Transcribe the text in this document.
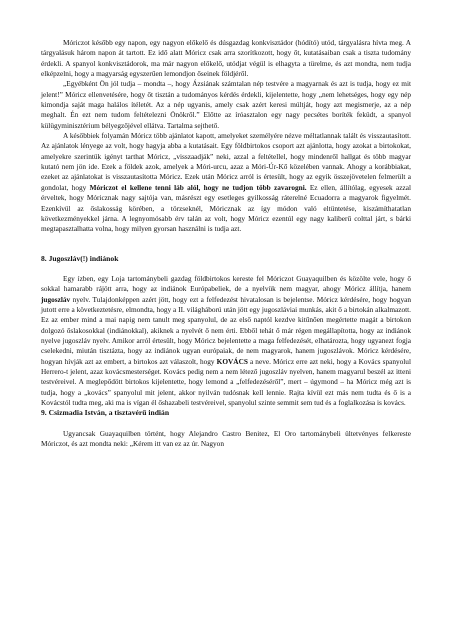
Móriczot később egy napon, egy nagyon előkelő és dúsgazdag konkvisztádor (hódító) utód, tárgyalásra hívta meg. A tárgyalásuk három napon át tartott. Ez idő alatt Móricz csak arra szorítkozott, hogy őt, kutatásaiban csak a tiszta tudomány érdekli. A spanyol konkvisztádorok, ma már nagyon előkelő, utódjat végül is elhagyta a türelme, és azt mondta, nem tudja elképzelni, hogy a magyarság egyszerűen lemondjon őseinek földjéről.

„Egyébként Ön jól tudja – mondta –, hogy Ázsiának számtalan nép testvére a magyarnak és azt is tudja, hogy ez mit jelent!” Móricz ellenvetésére, hogy őt tisztán a tudományos kérdés érdekli, kijelentette, hogy „nem lehetséges, hogy egy nép kimondja saját maga halálos ítéletét. Az a nép ugyanis, amely csak azért keresi múltját, hogy azt megismerje, az a nép meghalt. Én ezt nem tudom feltételezni Önökről.” Előtte az íróasztalon egy nagy pecsétes boríték feküdt, a spanyol külügyminisztérium bélyegzőjével ellátva. Tartalma sejthető.

A későbbiek folyamán Móricz több ajánlatot kapott, amelyeket személyére nézve méltatlannak talált és visszautasított. Az ajánlatok lényege az volt, hogy hagyja abba a kutatásait. Egy földbirtokos csoport azt ajánlotta, hogy azokat a birtokokat, amelyekre szerintük igényt tarthat Móricz, „visszaadják” neki, azzal a feltétellel, hogy mindenről hallgat és több magyar kutató nem jön ide. Ezek a földek azok, amelyek a Móri-urcu, azaz a Móri-Úr-Kő közelében vannak. Ahogy a korábbiakat, ezeket az ajánlatokat is visszautasította Móricz. Ezek után Móricz arról is értesült, hogy az egyik összejövetelen felmerült a gondolat, hogy Móriczot el kellene tenni láb alól, hogy ne tudjon több zavarogni. Ez ellen, állítólag, egyesek azzal érveltek, hogy Móricznak nagy sajtója van, másrészt egy esetleges gyilkosság ráterelné Ecuadorra a magyarok figyelmét. Ezenkívül az őslakosság körében, a törzseknél, Móricznak az így módon való eltüntetése, kiszámíthatatlan következményekkel járna. A legnyomósabb érv talán az volt, hogy Móricz ezentúl egy nagy kaliberű colttal járt, s bárki megtapasztalhatta volna, hogy milyen gyorsan használni is tudja azt.

8. Jugoszláv(!) indiánok

Egy ízben, egy Loja tartománybeli gazdag földbirtokos kereste fel Móriczot Guayaquilben és közölte vele, hogy ő sokkal hamarabb rájött arra, hogy az indiánok Európabeliek, de a nyelvük nem magyar, ahogy Móricz állítja, hanem jugoszláv nyelv. Tulajdonképpen azért jött, hogy ezt a felfedezést hivatalosan is bejelentse. Móricz kérdésére, hogy hogyan jutott erre a következtetésre, elmondta, hogy a II. világháború után jött egy jugoszláviai munkás, akit ő a birtokán alkalmazott. Ez az ember mind a mai napig nem tanult meg spanyolul, de az első naptól kezdve kitűnően megértette magát a birtokon dolgozó őslakosokkal (indiánokkal), akiknek a nyelvét ő nem érti. Ebből tehát ő már régen megállapította, hogy az indiánok nyelve jugoszláv nyelv. Amikor arról értesült, hogy Móricz bejelentette a maga felfedezését, elhatározta, hogy ugyanezt fogja cselekedni, miután tisztázta, hogy az indiánok ugyan európaiak, de nem magyarok, hanem jugoszlávok. Móricz kérdésére, hogyan hívják azt az embert, a birtokos azt válaszolt, hogy KOVÁCS a neve. Móricz erre azt neki, hogy a Kovács spanyolul Herrero-t jelent, azaz kovácsmesterséget. Kovács pedig nem a nem létező jugoszláv nyelven, hanem magyarul beszél az itteni testvéreivel. A meglepődött birtokos kijelentette, hogy lemond a „felfedezéséről”, mert – úgymond – ha Móricz még azt is tudja, hogy a „kovács” spanyolul mit jelent, akkor nyilván tudósnak kell lennie. Rajta kívül ezt más nem tudta és ő is a Kovácstól tudta meg, aki ma is vígan él őshazabeli testvéreivel, spanyolul szinte semmit sem tud és a foglalkozása is kovács.

9. Csizmadia István, a tisztavérű indián

Ugyancsak Guayaquilben történt, hogy Alejandro Castro Benitez, El Oro tartománybeli ültetvényes felkereste Móriczot, és azt mondta neki: „Kérem itt van ez az úr. Nagyon
